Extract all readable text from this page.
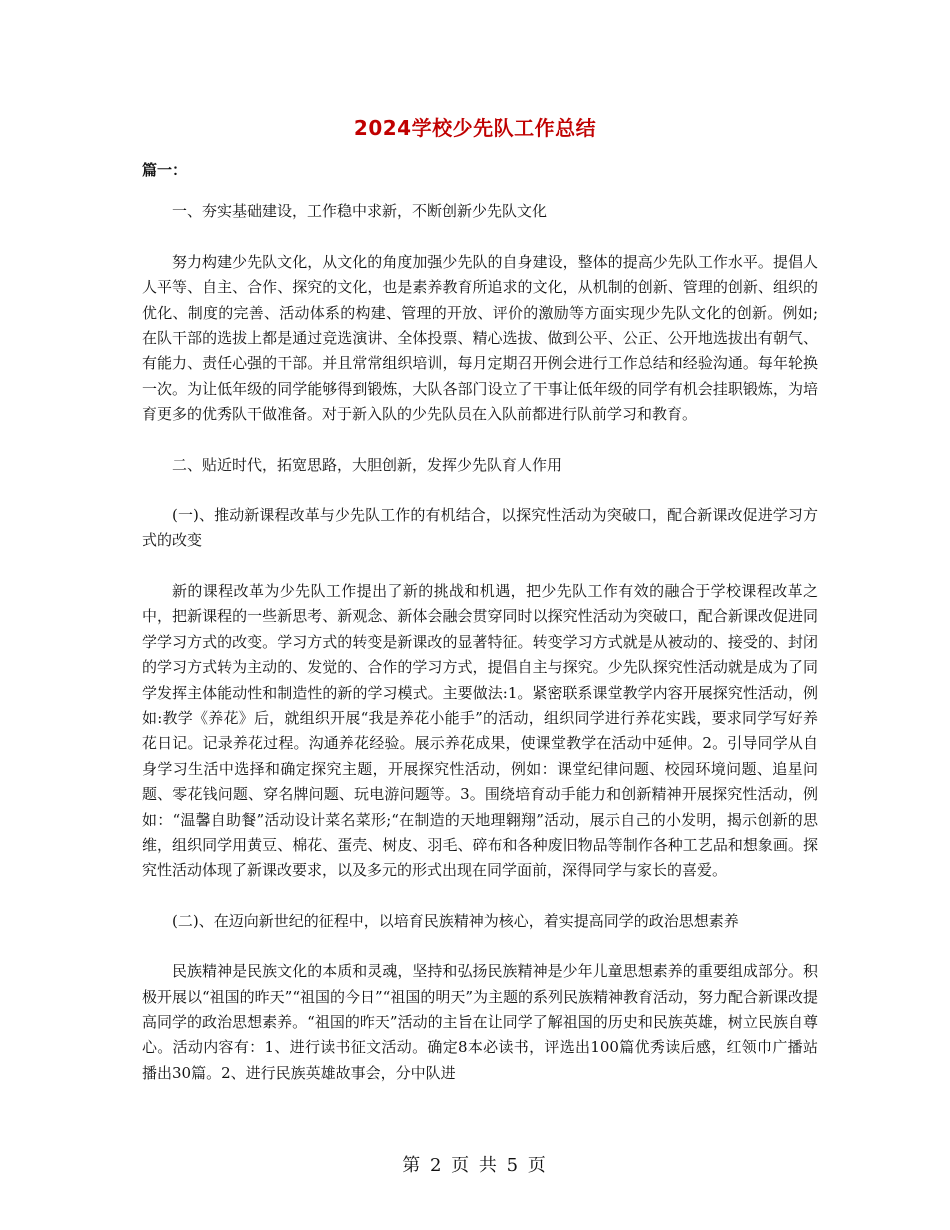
2024学校少先队工作总结
篇一：

一、夯实基础建设，工作稳中求新，不断创新少先队文化

努力构建少先队文化，从文化的角度加强少先队的自身建设，整体的提高少先队工作水平。提倡人人平等、自主、合作、探究的文化，也是素养教育所追求的文化，从机制的创新、管理的创新、组织的优化、制度的完善、活动体系的构建、管理的开放、评价的激励等方面实现少先队文化的创新。例如;在队干部的选拔上都是通过竞选演讲、全体投票、精心选拔、做到公平、公正、公开地选拔出有朝气、有能力、责任心强的干部。并且常常组织培训，每月定期召开例会进行工作总结和经验沟通。每年轮换一次。为让低年级的同学能够得到锻炼，大队各部门设立了干事让低年级的同学有机会挂职锻炼，为培育更多的优秀队干做准备。对于新入队的少先队员在入队前都进行队前学习和教育。

二、贴近时代，拓宽思路，大胆创新，发挥少先队育人作用

(一)、推动新课程改革与少先队工作的有机结合，以探究性活动为突破口，配合新课改促进学习方式的改变

新的课程改革为少先队工作提出了新的挑战和机遇，把少先队工作有效的融合于学校课程改革之中，把新课程的一些新思考、新观念、新体会融会贯穿同时以探究性活动为突破口，配合新课改促进同学学习方式的改变。学习方式的转变是新课改的显著特征。转变学习方式就是从被动的、接受的、封闭的学习方式转为主动的、发觉的、合作的学习方式，提倡自主与探究。少先队探究性活动就是成为了同学发挥主体能动性和制造性的新的学习模式。主要做法:1。紧密联系课堂教学内容开展探究性活动，例如:教学《养花》后，就组织开展“我是养花小能手”的活动，组织同学进行养花实践，要求同学写好养花日记。记录养花过程。沟通养花经验。展示养花成果，使课堂教学在活动中延伸。2。引导同学从自身学习生活中选择和确定探究主题，开展探究性活动，例如：课堂纪律问题、校园环境问题、追星问题、零花钱问题、穿名牌问题、玩电游问题等。3。围绕培育动手能力和创新精神开展探究性活动，例如：“温馨自助餐”活动设计菜名菜形;“在制造的天地理翱翔”活动，展示自己的小发明，揭示创新的思维，组织同学用黄豆、棉花、蛋壳、树皮、羽毛、碎布和各种废旧物品等制作各种工艺品和想象画。探究性活动体现了新课改要求，以及多元的形式出现在同学面前，深得同学与家长的喜爱。

(二)、在迈向新世纪的征程中，以培育民族精神为核心，着实提高同学的政治思想素养

民族精神是民族文化的本质和灵魂，坚持和弘扬民族精神是少年儿童思想素养的重要组成部分。积极开展以“祖国的昨天”“祖国的今日”“祖国的明天”为主题的系列民族精神教育活动，努力配合新课改提高同学的政治思想素养。“祖国的昨天”活动的主旨在让同学了解祖国的历史和民族英雄，树立民族自尊心。活动内容有：1、进行读书征文活动。确定8本必读书，评选出100篇优秀读后感，红领巾广播站播出30篇。2、进行民族英雄故事会，分中队进

第 2 页 共 5 页
